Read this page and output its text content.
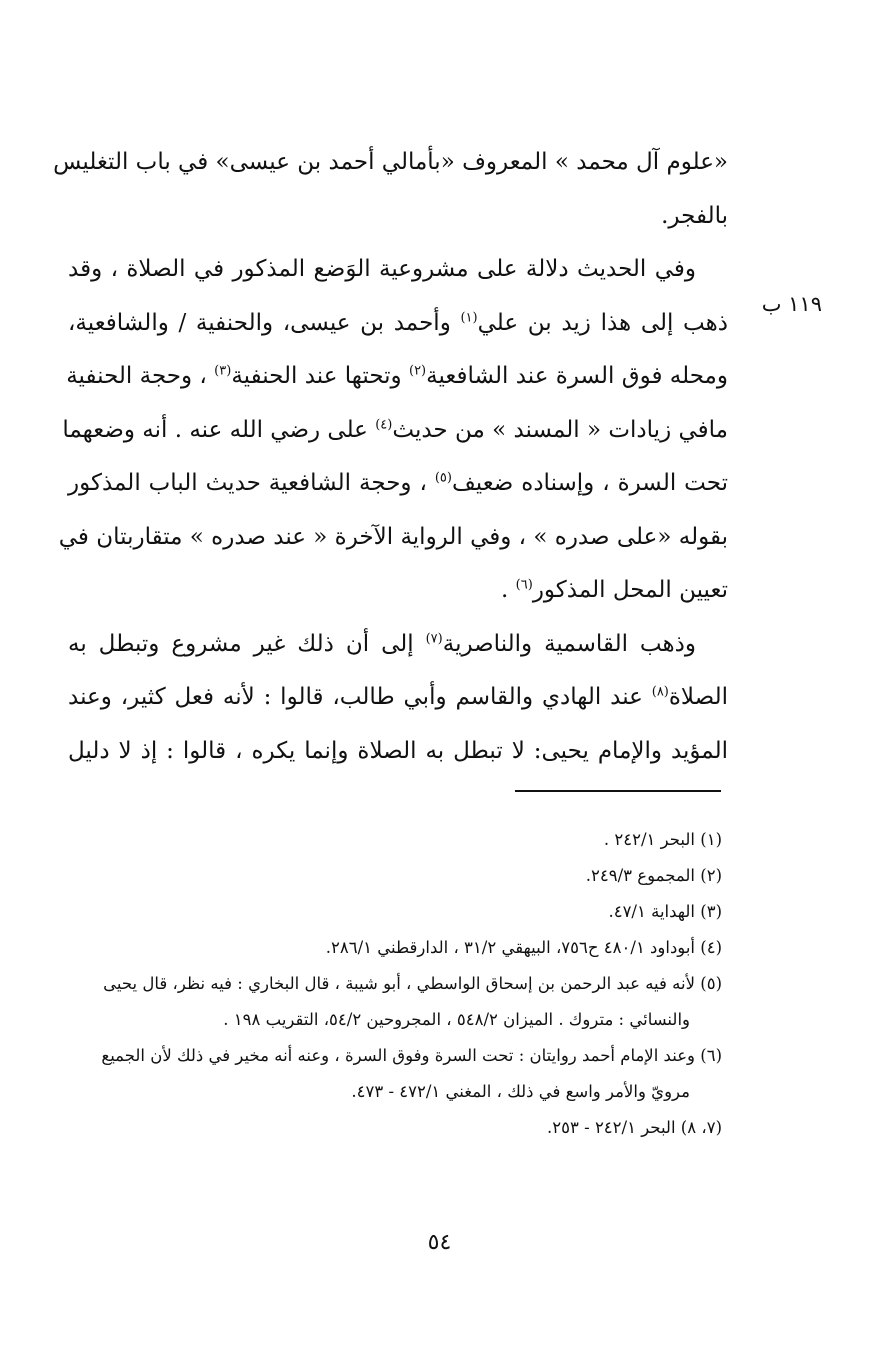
١١٩ ب

«علوم آل محمد » المعروف «بأمالي أحمد بن عيسى» في باب التغليس
بالفجر.

وفي الحديث دلالة على مشروعية الوَضع المذكور في الصلاة ، وقد
ذهب إلى هذا زيد بن علي$^{(١)}$ وأحمد بن عيسى، والحنفية / والشافعية،
ومحله فوق السرة عند الشافعية$^{(٢)}$ وتحتها عند الحنفية$^{(٣)}$ ، وحجة الحنفية
مافي زيادات « المسند » من حديث$^{(٤)}$ على رضي الله عنه . أنه وضعهما
تحت السرة ، وإسناده ضعيف$^{(٥)}$ ، وحجة الشافعية حديث الباب المذكور
بقوله «على صدره » ، وفي الرواية الآخرة « عند صدره » متقاربتان في
تعيين المحل المذكور$^{(٦)}$ .

وذهب القاسمية والناصرية$^{(٧)}$ إلى أن ذلك غير مشروع وتبطل به
الصلاة$^{(٨)}$ عند الهادي والقاسم وأبي طالب، قالوا : لأنه فعل كثير، وعند
المؤيد والإمام يحيى: لا تبطل به الصلاة وإنما يكره ، قالوا : إذ لا دليل

(١) البحر ٢٤٢/١ .
(٢) المجموع ٢٤٩/٣.
(٣) الهداية ٤٧/١.
(٤) أبوداود ٤٨٠/١ ح٧٥٦، البيهقي ٣١/٢ ، الدارقطني ٢٨٦/١.
(٥) لأنه فيه عبد الرحمن بن إسحاق الواسطي ، أبو شيبة ، قال البخاري : فيه نظر، قال يحيى
والنسائي : متروك . الميزان ٥٤٨/٢ ، المجروحين ٥٤/٢، التقريب ١٩٨ .
(٦) وعند الإمام أحمد روايتان : تحت السرة وفوق السرة ، وعنه أنه مخير في ذلك لأن الجميع
مرويّ والأمر واسع في ذلك ، المغني ٤٧٢/١ - ٤٧٣.
(٧، ٨) البحر ٢٤٢/١ - ٢٥٣.
٥٤
